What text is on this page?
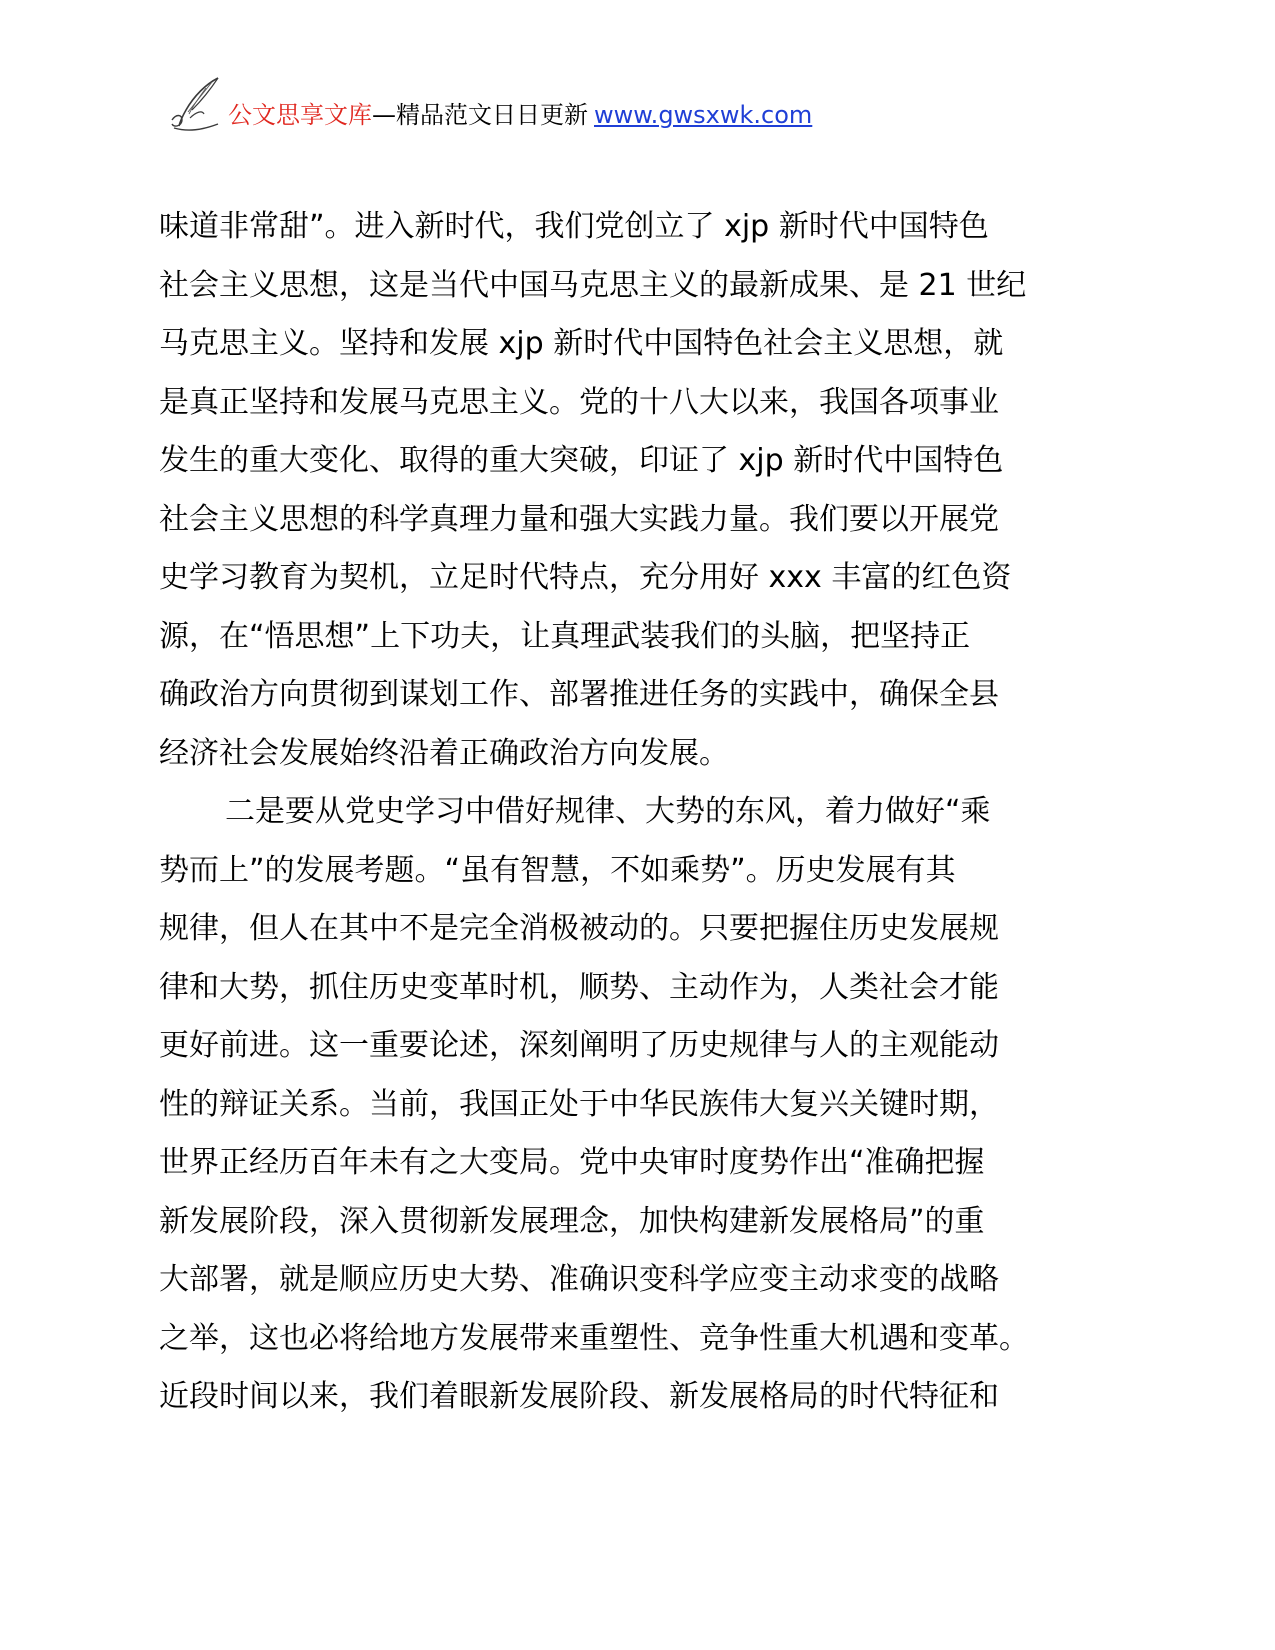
公文思享文库—精品范文日日更新 www.gwsxwk.com
味道非常甜”。进入新时代，我们党创立了 xjp 新时代中国特色
社会主义思想，这是当代中国马克思主义的最新成果、是 21 世纪
马克思主义。坚持和发展 xjp 新时代中国特色社会主义思想，就
是真正坚持和发展马克思主义。党的十八大以来，我国各项事业
发生的重大变化、取得的重大突破，印证了 xjp 新时代中国特色
社会主义思想的科学真理力量和强大实践力量。我们要以开展党
史学习教育为契机，立足时代特点，充分用好 xxx 丰富的红色资
源，在“悟思想”上下功夫，让真理武装我们的头脑，把坚持正
确政治方向贯彻到谋划工作、部署推进任务的实践中，确保全县
经济社会发展始终沿着正确政治方向发展。
二是要从党史学习中借好规律、大势的东风，着力做好“乘
势而上”的发展考题。“虽有智慧，不如乘势”。历史发展有其
规律，但人在其中不是完全消极被动的。只要把握住历史发展规
律和大势，抓住历史变革时机，顺势、主动作为，人类社会才能
更好前进。这一重要论述，深刻阐明了历史规律与人的主观能动
性的辩证关系。当前，我国正处于中华民族伟大复兴关键时期，
世界正经历百年未有之大变局。党中央审时度势作出“准确把握
新发展阶段，深入贯彻新发展理念，加快构建新发展格局”的重
大部署，就是顺应历史大势、准确识变科学应变主动求变的战略
之举，这也必将给地方发展带来重塑性、竞争性重大机遇和变革。
近段时间以来，我们着眼新发展阶段、新发展格局的时代特征和
